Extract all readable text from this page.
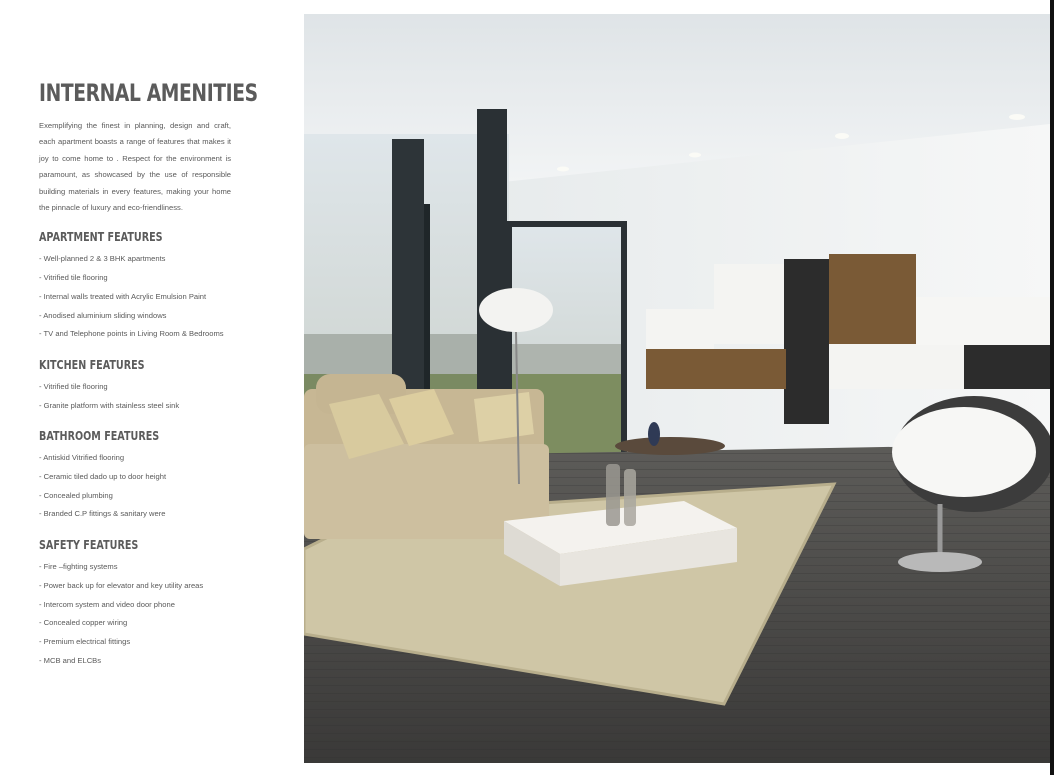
INTERNAL AMENITIES

Exemplifying the finest in planning, design and craft, each apartment boasts a range of features that makes it joy to come home to . Respect for the environment is paramount, as showcased by the use of responsible building materials in every features, making your home the pinnacle of luxury and eco-friendliness.

APARTMENT FEATURES
- Well-planned 2 & 3 BHK apartments
- Vitrified tile flooring
- Internal walls treated with Acrylic Emulsion Paint
- Anodised aluminium sliding windows
- TV and Telephone points in Living Room & Bedrooms
KITCHEN FEATURES
- Vitrified tile flooring
- Granite platform with stainless steel sink
BATHROOM FEATURES
- Antiskid Vitrified flooring
- Ceramic tiled dado up to door height
- Concealed plumbing
- Branded C.P fittings & sanitary were
SAFETY FEATURES
- Fire –fighting systems
- Power back up for elevator and key utility areas
- Intercom system and video door phone
- Concealed copper wiring
- Premium electrical fittings
- MCB and ELCBs
